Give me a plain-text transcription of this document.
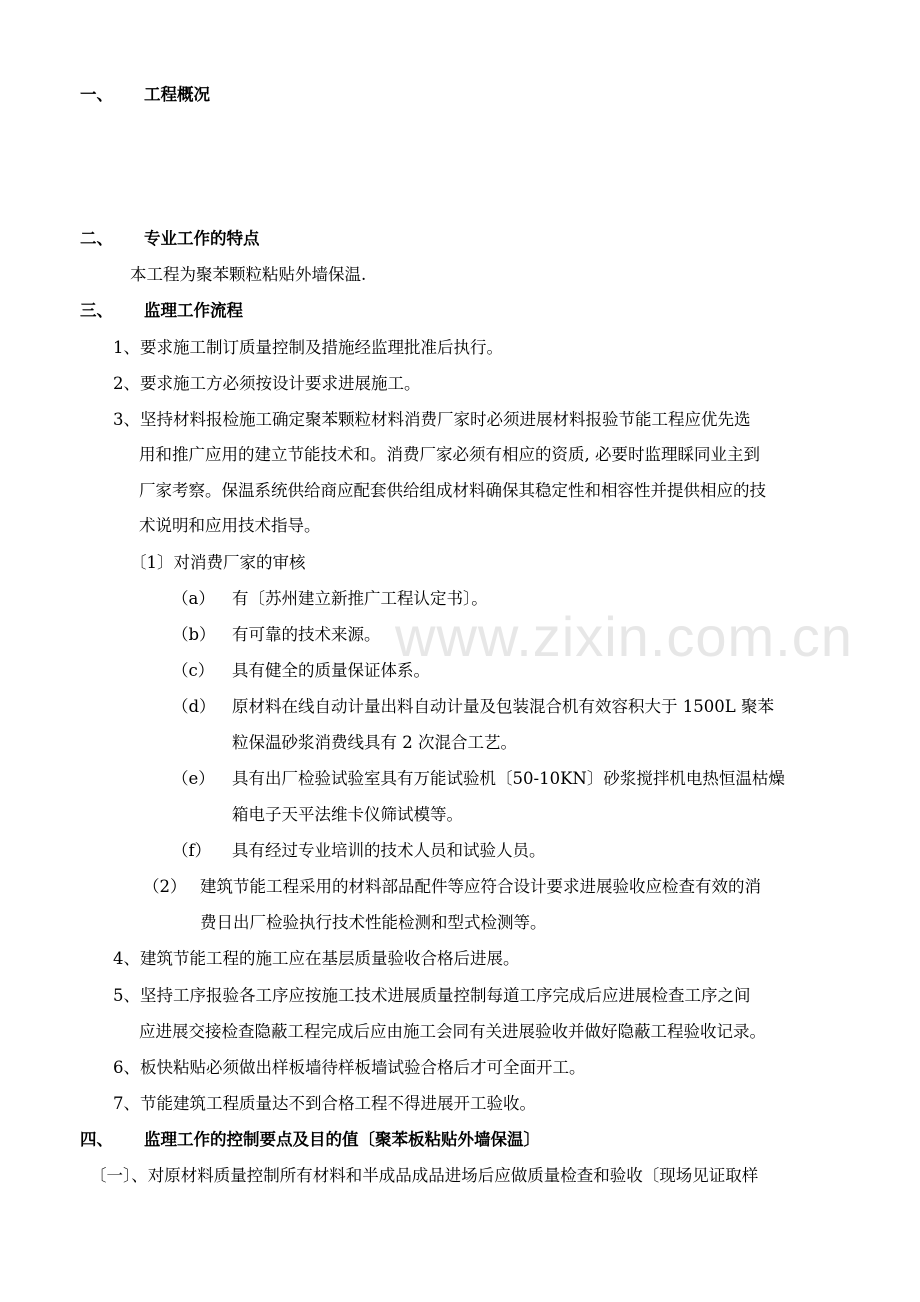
www.zixin.com.cn
一、 工程概况
二、 专业工作的特点
本工程为聚苯颗粒粘贴外墙保温.
三、 监理工作流程
1、要求施工制订质量控制及措施经监理批准后执行。
2、要求施工方必须按设计要求进展施工。
3、坚持材料报检施工确定聚苯颗粒材料消费厂家时必须进展材料报验节能工程应优先选
用和推广应用的建立节能技术和。消费厂家必须有相应的资质, 必要时监理睬同业主到
厂家考察。保温系统供给商应配套供给组成材料确保其稳定性和相容性并提供相应的技
术说明和应用技术指导。
〔1〕对消费厂家的审核
（a） 有〔苏州建立新推广工程认定书〕。
（b） 有可靠的技术来源。
（c） 具有健全的质量保证体系。
（d） 原材料在线自动计量出料自动计量及包装混合机有效容积大于 1500L 聚苯
粒保温砂浆消费线具有 2 次混合工艺。
（e） 具有出厂检验试验室具有万能试验机〔50-10KN〕砂浆搅拌机电热恒温枯燥
箱电子天平法维卡仪筛试模等。
（f） 具有经过专业培训的技术人员和试验人员。
（2） 建筑节能工程采用的材料部品配件等应符合设计要求进展验收应检查有效的消
费日出厂检验执行技术性能检测和型式检测等。
4、建筑节能工程的施工应在基层质量验收合格后进展。
5、坚持工序报验各工序应按施工技术进展质量控制每道工序完成后应进展检查工序之间
应进展交接检查隐蔽工程完成后应由施工会同有关进展验收并做好隐蔽工程验收记录。
6、板快粘贴必须做出样板墙待样板墙试验合格后才可全面开工。
7、节能建筑工程质量达不到合格工程不得进展开工验收。
四、 监理工作的控制要点及目的值〔聚苯板粘贴外墙保温〕
〔一〕、对原材料质量控制所有材料和半成品成品进场后应做质量检查和验收〔现场见证取样
